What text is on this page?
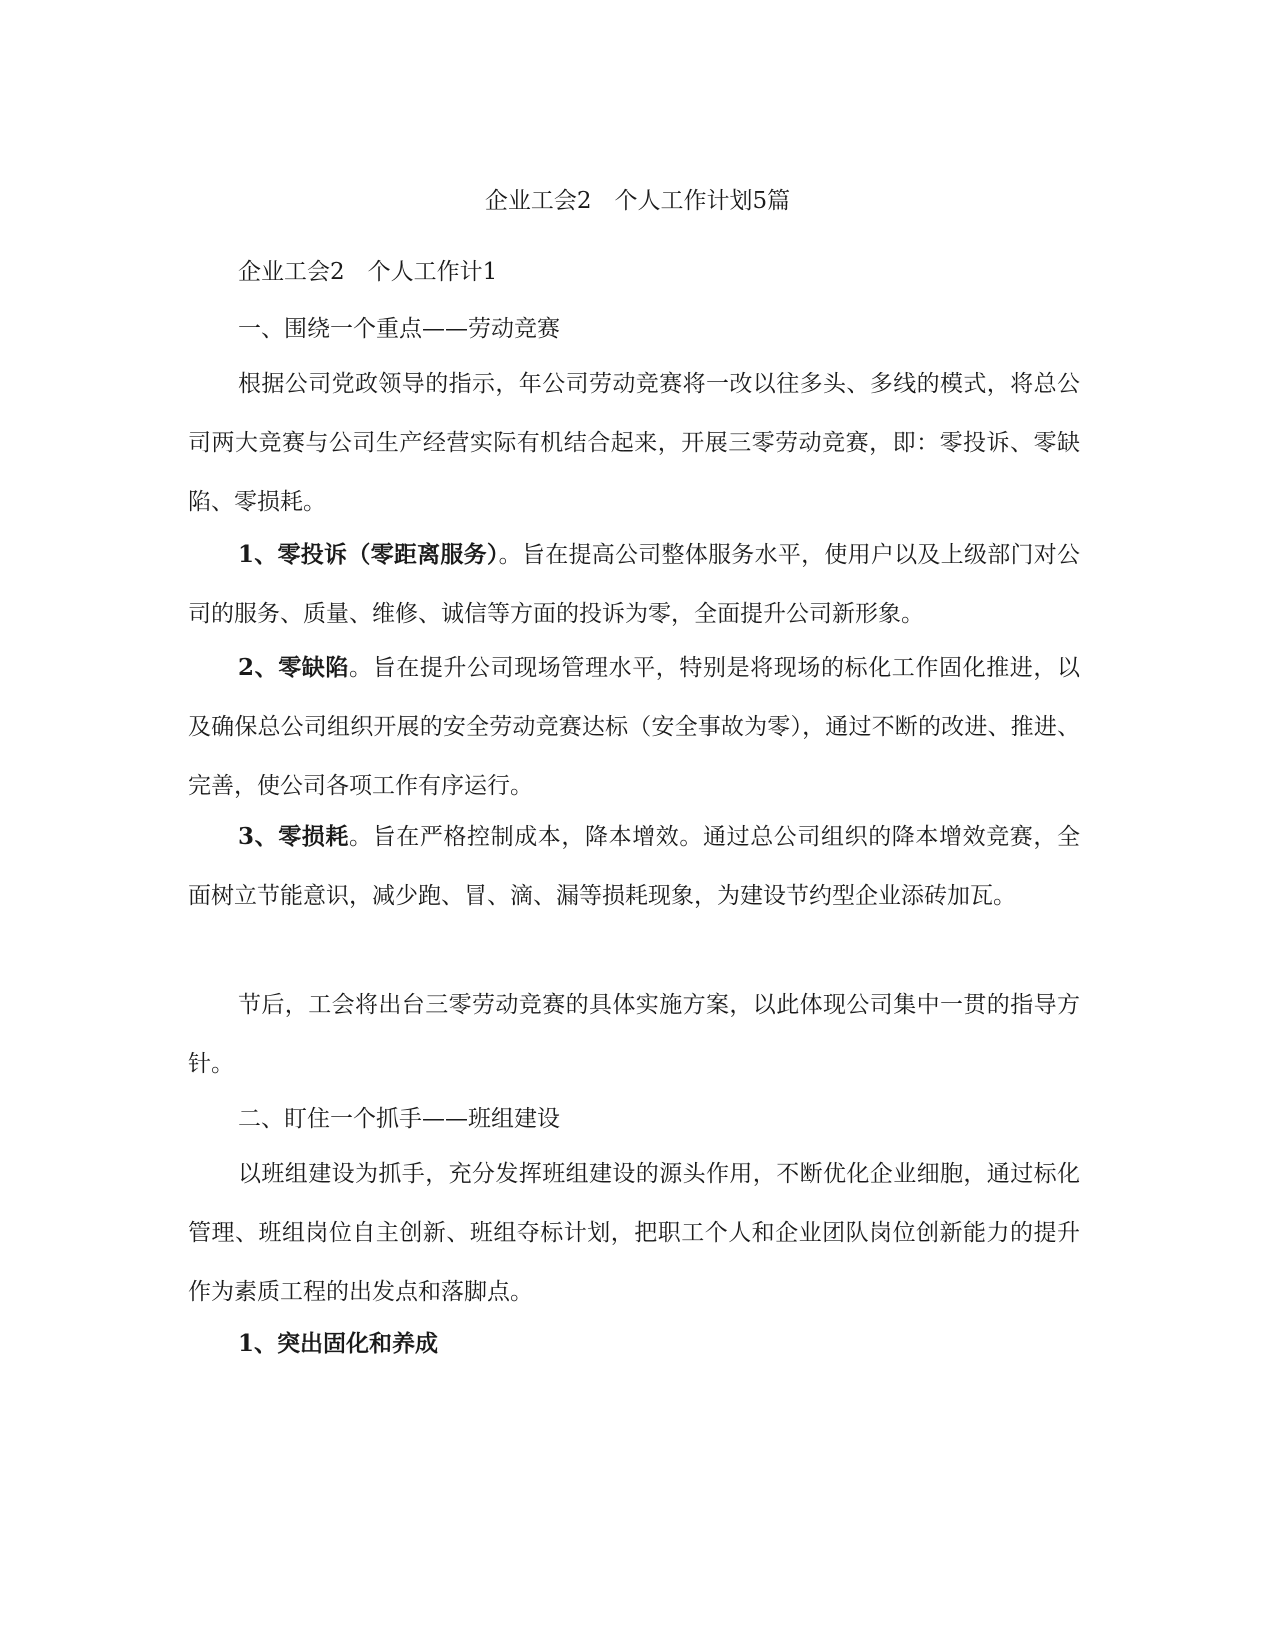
企业工会2　个人工作计划5篇
企业工会2　个人工作计1
一、围绕一个重点——劳动竞赛

根据公司党政领导的指示，年公司劳动竞赛将一改以往多头、多线的模式，将总公司两大竞赛与公司生产经营实际有机结合起来，开展三零劳动竞赛，即：零投诉、零缺陷、零损耗。

1、零投诉（零距离服务）。旨在提高公司整体服务水平，使用户以及上级部门对公司的服务、质量、维修、诚信等方面的投诉为零，全面提升公司新形象。

2、零缺陷。旨在提升公司现场管理水平，特别是将现场的标化工作固化推进，以及确保总公司组织开展的安全劳动竞赛达标（安全事故为零），通过不断的改进、推进、完善，使公司各项工作有序运行。

3、零损耗。旨在严格控制成本，降本增效。通过总公司组织的降本增效竞赛，全面树立节能意识，减少跑、冒、滴、漏等损耗现象，为建设节约型企业添砖加瓦。

节后，工会将出台三零劳动竞赛的具体实施方案，以此体现公司集中一贯的指导方针。

二、盯住一个抓手——班组建设

以班组建设为抓手，充分发挥班组建设的源头作用，不断优化企业细胞，通过标化管理、班组岗位自主创新、班组夺标计划，把职工个人和企业团队岗位创新能力的提升作为素质工程的出发点和落脚点。

1、突出固化和养成
